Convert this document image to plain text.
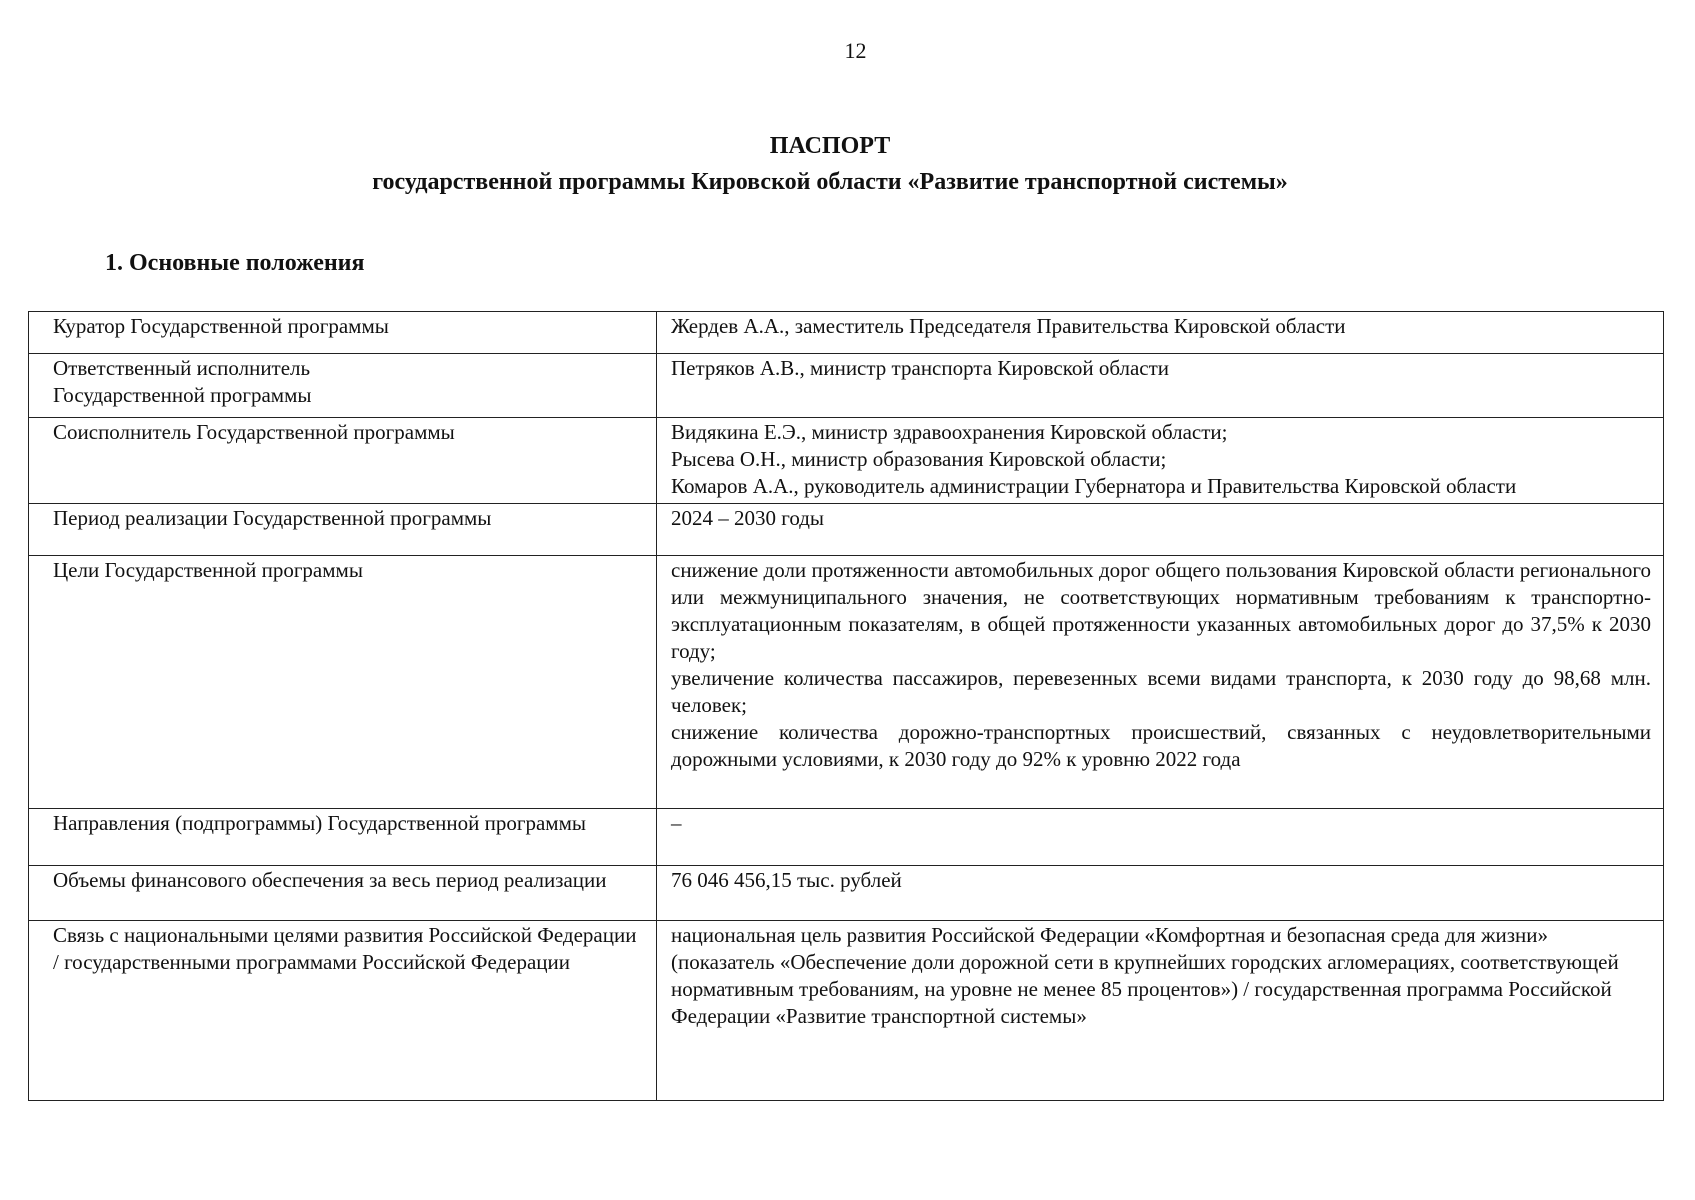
12
ПАСПОРТ
государственной программы Кировской области «Развитие транспортной системы»
1. Основные положения
Куратор Государственной программы	Жердев А.А., заместитель Председателя Правительства Кировской области

Ответственный исполнитель
Государственной программы	Петряков А.В., министр транспорта Кировской области

Соисполнитель Государственной программы	Видякина Е.Э., министр здравоохранения Кировской области;
Рысева О.Н., министр образования Кировской области;
Комаров А.А., руководитель администрации Губернатора и Правительства Кировской области

Период реализации Государственной программы	2024 – 2030 годы

Цели Государственной программы	снижение доли протяженности автомобильных дорог общего пользования Кировской области регионального или межмуниципального значения, не соответствующих нормативным требованиям к транспортно-эксплуатационным показателям, в общей протяженности указанных автомобильных дорог до 37,5% к 2030 году;
увеличение количества пассажиров, перевезенных всеми видами транспорта, к 2030 году до 98,68 млн. человек;
снижение количества дорожно-транспортных происшествий, связанных с неудовлетворительными дорожными условиями, к 2030 году до 92% к уровню 2022 года

Направления (подпрограммы) Государственной программы	–

Объемы финансового обеспечения за весь период реализации	76 046 456,15 тыс. рублей

Связь с национальными целями развития Российской Федерации / государственными программами Российской Федерации	национальная цель развития Российской Федерации «Комфортная и безопасная среда для жизни» (показатель «Обеспечение доли дорожной сети в крупнейших городских агломерациях, соответствующей нормативным требованиям, на уровне не менее 85 процентов») / государственная программа Российской Федерации «Развитие транспортной системы»
